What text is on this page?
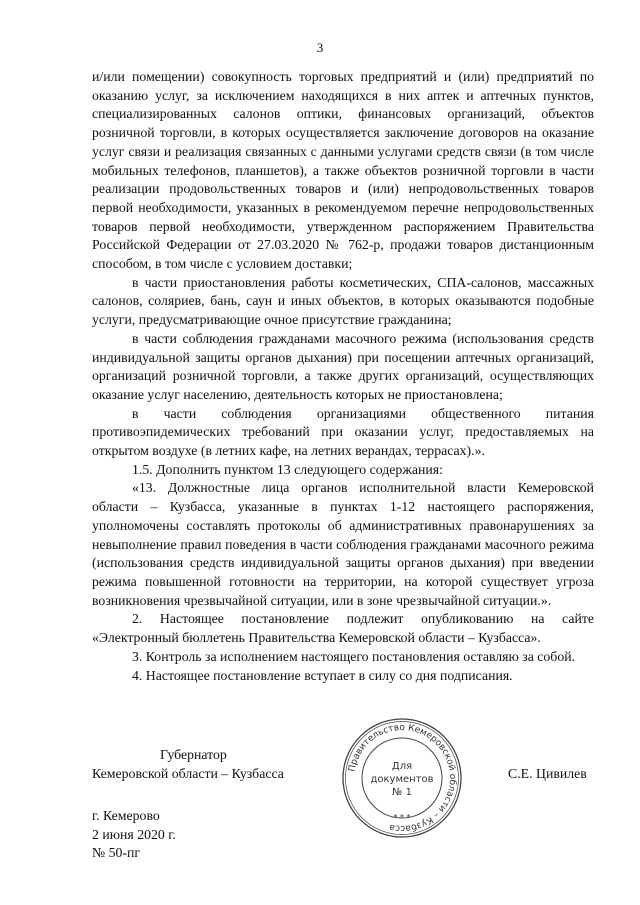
3

и/или помещении) совокупность торговых предприятий и (или) предприятий по оказанию услуг, за исключением находящихся в них аптек и аптечных пунктов, специализированных салонов оптики, финансовых организаций, объектов розничной торговли, в которых осуществляется заключение договоров на оказание услуг связи и реализация связанных с данными услугами средств связи (в том числе мобильных телефонов, планшетов), а также объектов розничной торговли в части реализации продовольственных товаров и (или) непродовольственных товаров первой необходимости, указанных в рекомендуемом перечне непродовольственных товаров первой необходимости, утвержденном распоряжением Правительства Российской Федерации от 27.03.2020 № 762-р, продажи товаров дистанционным способом, в том числе с условием доставки;

в части приостановления работы косметических, СПА-салонов, массажных салонов, соляриев, бань, саун и иных объектов, в которых оказываются подобные услуги, предусматривающие очное присутствие гражданина;

в части соблюдения гражданами масочного режима (использования средств индивидуальной защиты органов дыхания) при посещении аптечных организаций, организаций розничной торговли, а также других организаций, осуществляющих оказание услуг населению, деятельность которых не приостановлена;

в части соблюдения организациями общественного питания противоэпидемических требований при оказании услуг, предоставляемых на открытом воздухе (в летних кафе, на летних верандах, террасах).».

1.5. Дополнить пунктом 13 следующего содержания:

«13. Должностные лица органов исполнительной власти Кемеровской области – Кузбасса, указанные в пунктах 1-12 настоящего распоряжения, уполномочены составлять протоколы об административных правонарушениях за невыполнение правил поведения в части соблюдения гражданами масочного режима (использования средств индивидуальной защиты органов дыхания) при введении режима повышенной готовности на территории, на которой существует угроза возникновения чрезвычайной ситуации, или в зоне чрезвычайной ситуации.».

2. Настоящее постановление подлежит опубликованию на сайте «Электронный бюллетень Правительства Кемеровской области – Кузбасса».

3. Контроль за исполнением настоящего постановления оставляю за собой.

4. Настоящее постановление вступает в силу со дня подписания.

Губернатор
Кемеровской области – Кузбасса	С.Е. Цивилев
Правительство Кемеровской области – Кузбасса
* * *
Для
документов
№ 1
г. Кемерово
2 июня 2020 г.
№ 50-пг
